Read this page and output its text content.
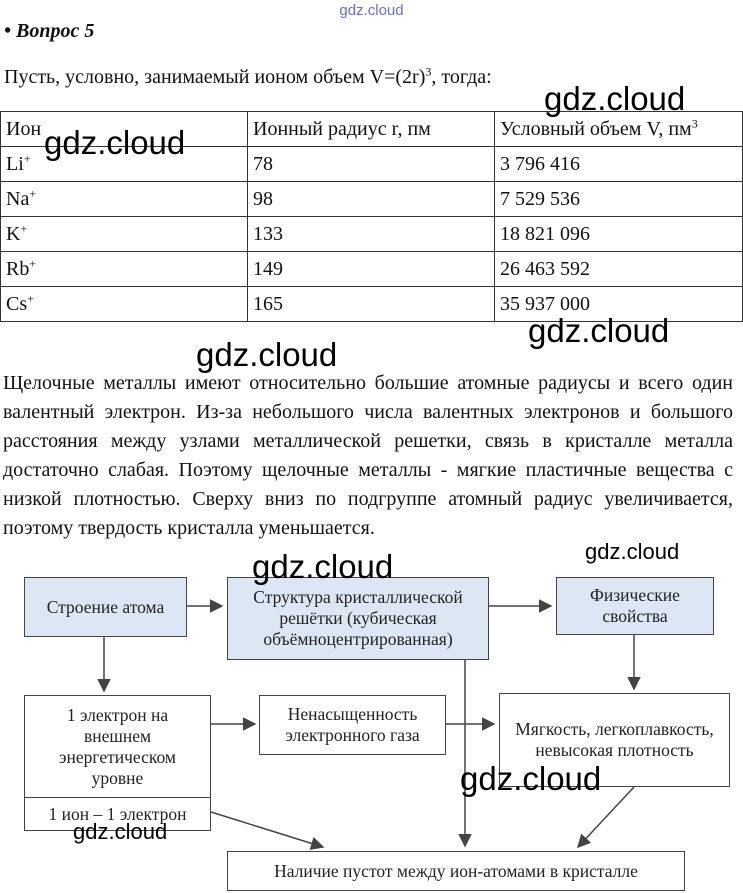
gdz.cloud
• Вопрос 5
Пусть, условно, занимаемый ионом объем $V=(2r)^3$, тогда:
Ион	Ионный радиус r, пм	Условный объем V, $пм^3$
Li+	78	3 796 416
Na+	98	7 529 536
K+	133	18 821 096
Rb+	149	26 463 592
Cs+	165	35 937 000

Щелочные металлы имеют относительно большие атомные радиусы и всего один валентный электрон. Из-за небольшого числа валентных электронов и большого расстояния между узлами металлической решетки, связь в кристалле металла достаточно слабая. Поэтому щелочные металлы - мягкие пластичные вещества с низкой плотностью. Сверху вниз по подгруппе атомный радиус увеличивается, поэтому твердость кристалла уменьшается.

Строение атома	Структура кристаллической решётки (кубическая объёмноцентрированная)
Физические свойства
1 электрон на внешнем энергетическом уровне
1 ион – 1 электрон
Ненасыщенность электронного газа	Мягкость, легкоплавкость, невысокая плотность
Наличие пустот между ион-атомами в кристалле
gdz.cloud
gdz.cloud
gdz.cloud
gdz.cloud
gdz.cloud
gdz.cloud
gdz.cloud
gdz.cloud
